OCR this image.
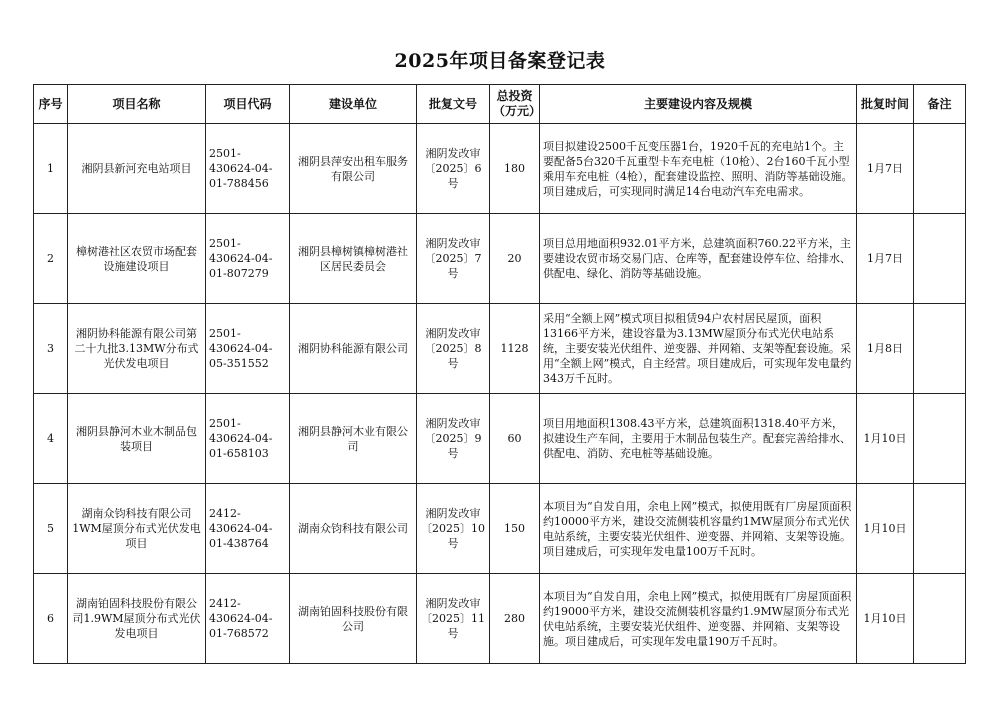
2025年项目备案登记表
序号	项目名称	项目代码	建设单位	批复文号	总投资
（万元）	主要建设内容及规模	批复时间	备注
1	湘阴县新河充电站项目	2501-430624-04-01-788456	湘阴县萍安出租车服务有限公司	湘阴发改审〔2025〕6号	180	项目拟建设2500千瓦变压器1台，1920千瓦的充电站1个。主要配备5台320千瓦重型卡车充电桩（10枪）、2台160千瓦小型乘用车充电桩（4枪），配套建设监控、照明、消防等基础设施。项目建成后，可实现同时满足14台电动汽车充电需求。	1月7日	
2	樟树港社区农贸市场配套设施建设项目	2501-430624-04-01-807279	湘阴县樟树镇樟树港社区居民委员会	湘阴发改审〔2025〕7号	20	项目总用地面积932.01平方米，总建筑面积760.22平方米，主要建设农贸市场交易门店、仓库等，配套建设停车位、给排水、供配电、绿化、消防等基础设施。	1月7日	
3	湘阴协科能源有限公司第二十九批3.13MW分布式光伏发电项目	2501-430624-04-05-351552	湘阴协科能源有限公司	湘阴发改审〔2025〕8号	1128	采用“全额上网”模式项目拟租赁94户农村居民屋顶，面积13166平方米，建设容量为3.13MW屋顶分布式光伏电站系统，主要安装光伏组件、逆变器、并网箱、支架等配套设施。采用“全额上网”模式，自主经营。项目建成后，可实现年发电量约343万千瓦时。	1月8日	
4	湘阴县静河木业木制品包装项目	2501-430624-04-01-658103	湘阴县静河木业有限公司	湘阴发改审〔2025〕9号	60	项目用地面积1308.43平方米，总建筑面积1318.40平方米，拟建设生产车间，主要用于木制品包装生产。配套完善给排水、供配电、消防、充电桩等基础设施。	1月10日	
5	湖南众钧科技有限公司1WM屋顶分布式光伏发电项目	2412-430624-04-01-438764	湖南众钧科技有限公司	湘阴发改审〔2025〕10号	150	本项目为“自发自用，余电上网”模式，拟使用既有厂房屋顶面积约10000平方米，建设交流侧装机容量约1MW屋顶分布式光伏电站系统，主要安装光伏组件、逆变器、并网箱、支架等设施。项目建成后，可实现年发电量100万千瓦时。	1月10日	
6	湖南铂固科技股份有限公司1.9WM屋顶分布式光伏发电项目	2412-430624-04-01-768572	湖南铂固科技股份有限公司	湘阴发改审〔2025〕11号	280	本项目为“自发自用，余电上网”模式，拟使用既有厂房屋顶面积约19000平方米，建设交流侧装机容量约1.9MW屋顶分布式光伏电站系统，主要安装光伏组件、逆变器、并网箱、支架等设施。项目建成后，可实现年发电量190万千瓦时。	1月10日	
